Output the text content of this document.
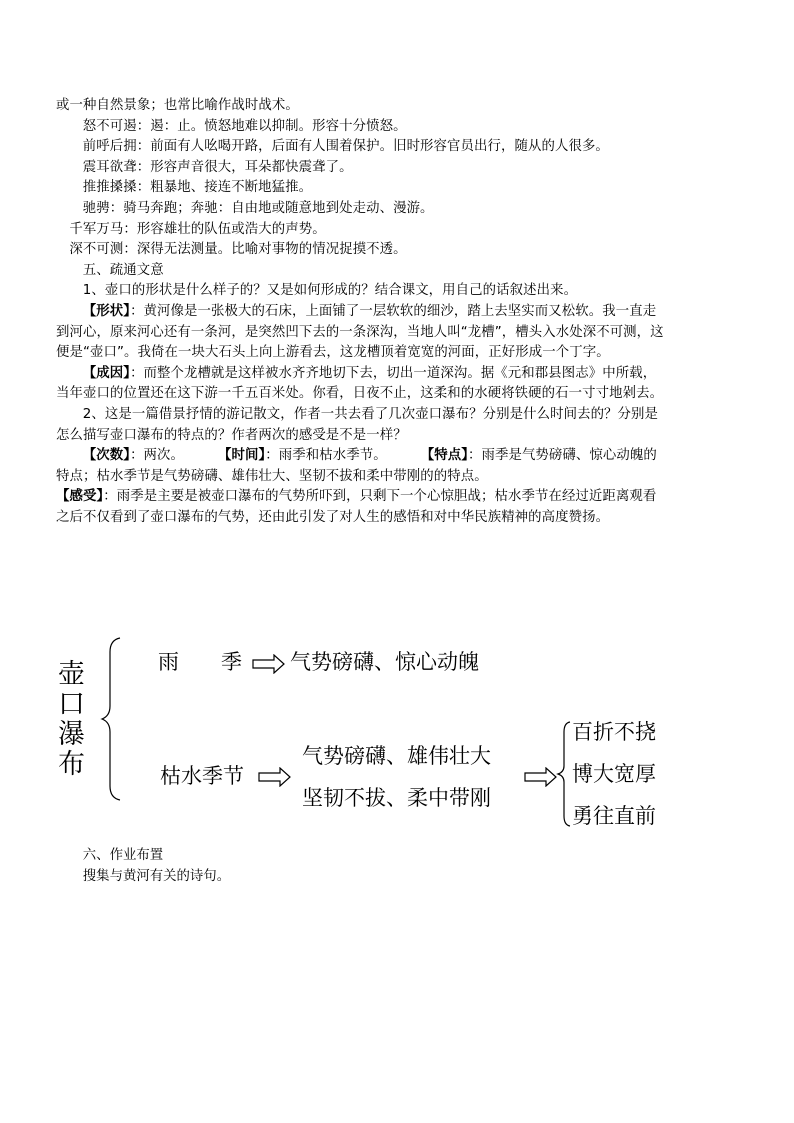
或一种自然景象；也常比喻作战时战术。

怒不可遏：遏：止。愤怒地难以抑制。形容十分愤怒。

前呼后拥：前面有人吆喝开路，后面有人围着保护。旧时形容官员出行，随从的人很多。

震耳欲聋：形容声音很大，耳朵都快震聋了。

推推搡搡：粗暴地、接连不断地猛推。

驰骋：骑马奔跑；奔驰：自由地或随意地到处走动、漫游。

千军万马：形容雄壮的队伍或浩大的声势。

深不可测：深得无法测量。比喻对事物的情况捉摸不透。

五、疏通文意

1、壶口的形状是什么样子的？又是如何形成的？结合课文，用自己的话叙述出来。

【形状】：黄河像是一张极大的石床，上面铺了一层软软的细沙，踏上去坚实而又松软。我一直走到河心，原来河心还有一条河，是突然凹下去的一条深沟，当地人叫“龙槽”，槽头入水处深不可测，这便是“壶口”。我倚在一块大石头上向上游看去，这龙槽顶着宽宽的河面，正好形成一个丁字。

【成因】：而整个龙槽就是这样被水齐齐地切下去，切出一道深沟。据《元和郡县图志》中所载，当年壶口的位置还在这下游一千五百米处。你看，日夜不止，这柔和的水硬将铁硬的石一寸寸地剁去。

2、这是一篇借景抒情的游记散文，作者一共去看了几次壶口瀑布？分别是什么时间去的？分别是怎么描写壶口瀑布的特点的？作者两次的感受是不是一样？

【次数】：两次。	【时间】：雨季和枯水季节。	【特点】：雨季是气势磅礴、惊心动魄的特点；枯水季节是气势磅礴、雄伟壮大、坚韧不拔和柔中带刚的的特点。

【感受】：雨季是主要是被壶口瀑布的气势所吓到，只剩下一个心惊胆战；枯水季节在经过近距离观看之后不仅看到了壶口瀑布的气势，还由此引发了对人生的感悟和对中华民族精神的高度赞扬。

壶
口
瀑
布
雨　　季 气势磅礴、惊心动魄
枯水季节
气势磅礴、雄伟壮大
坚韧不拔、柔中带刚
百折不挠
博大宽厚
勇往直前

六、作业布置

搜集与黄河有关的诗句。
